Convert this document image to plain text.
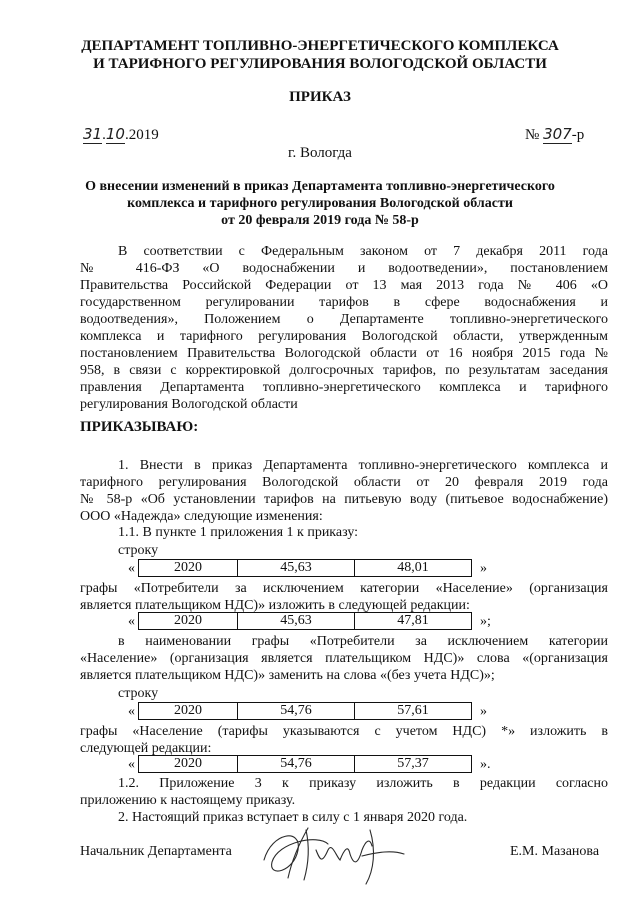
ДЕПАРТАМЕНТ ТОПЛИВНО-ЭНЕРГЕТИЧЕСКОГО КОМПЛЕКСА
И ТАРИФНОГО РЕГУЛИРОВАНИЯ ВОЛОГОДСКОЙ ОБЛАСТИ
ПРИКАЗ
31.10.2019	№ 307-р
г. Вологда
О внесении изменений в приказ Департамента топливно-энергетического
комплекса и тарифного регулирования Вологодской области
от 20 февраля 2019 года № 58-р
В соответствии с Федеральным законом от 7 декабря 2011 года
№ 416-ФЗ «О водоснабжении и водоотведении», постановлением
Правительства Российской Федерации от 13 мая 2013 года № 406 «О
государственном регулировании тарифов в сфере водоснабжения и
водоотведения», Положением о Департаменте топливно-энергетического
комплекса и тарифного регулирования Вологодской области, утвержденным
постановлением Правительства Вологодской области от 16 ноября 2015 года №
958, в связи с корректировкой долгосрочных тарифов, по результатам заседания
правления Департамента топливно-энергетического комплекса и тарифного
регулирования Вологодской области
ПРИКАЗЫВАЮ:
1. Внести в приказ Департамента топливно-энергетического комплекса и
тарифного регулирования Вологодской области от 20 февраля 2019 года
№ 58-р «Об установлении тарифов на питьевую воду (питьевое водоснабжение)
ООО «Надежда» следующие изменения:
1.1. В пункте 1 приложения 1 к приказу:
строку
«	2020	45,63	48,01	»
графы «Потребители за исключением категории «Население» (организация
является плательщиком НДС)» изложить в следующей редакции:
«	2020	45,63	47,81	»;
в наименовании графы «Потребители за исключением категории
«Население» (организация является плательщиком НДС)» слова «(организация
является плательщиком НДС)» заменить на слова «(без учета НДС)»;
строку
«	2020	54,76	57,61	»
графы «Население (тарифы указываются с учетом НДС) *» изложить в
следующей редакции:
«	2020	54,76	57,37	».
1.2. Приложение 3 к приказу изложить в редакции согласно
приложению к настоящему приказу.
2. Настоящий приказ вступает в силу с 1 января 2020 года.
Начальник Департамента	Е.М. Мазанова
